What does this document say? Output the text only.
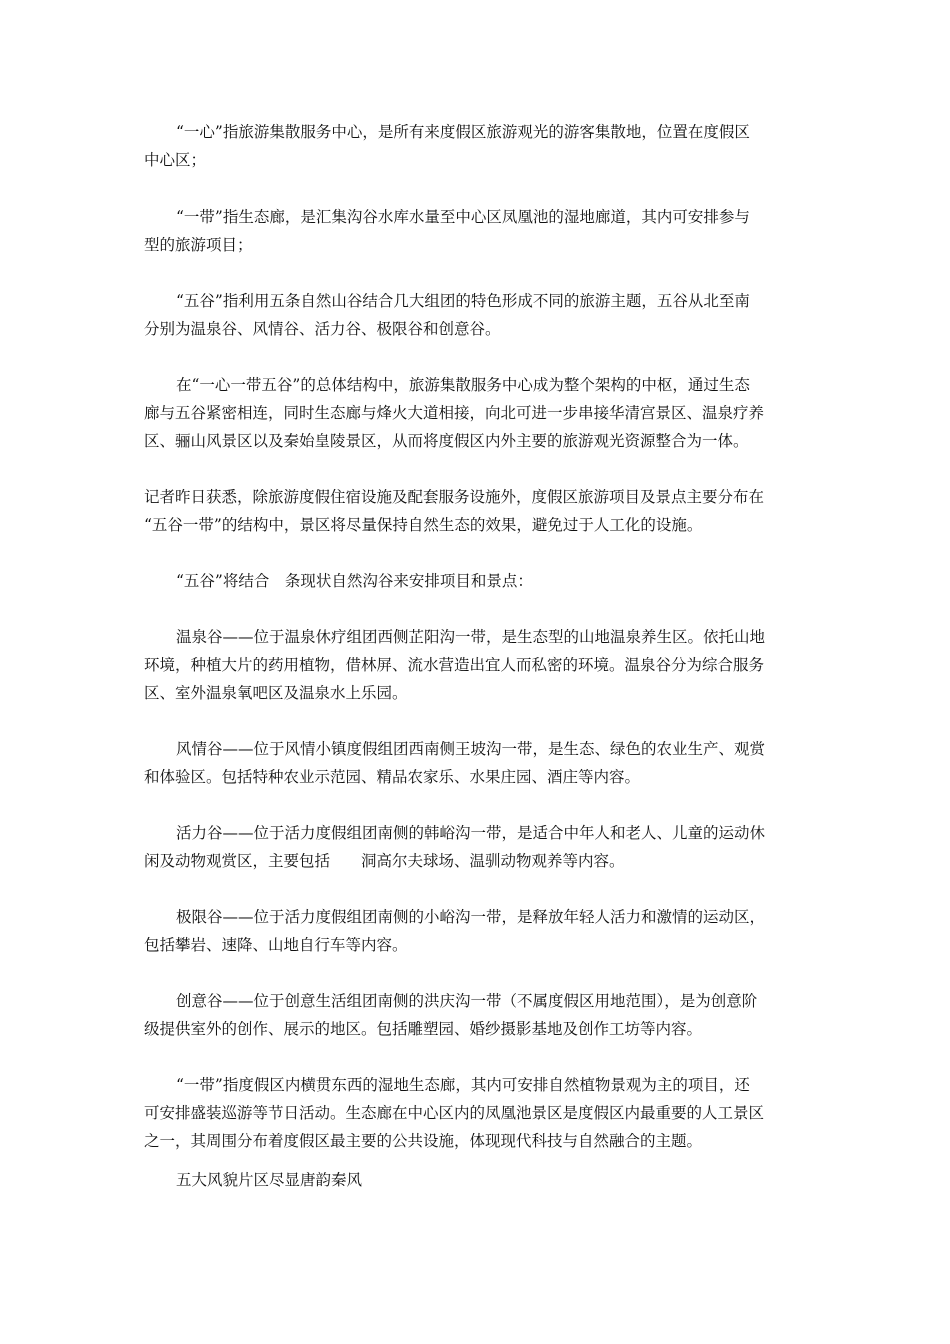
“一心”指旅游集散服务中心，是所有来度假区旅游观光的游客集散地，位置在度假区
中心区；

“一带”指生态廊，是汇集沟谷水库水量至中心区凤凰池的湿地廊道，其内可安排参与
型的旅游项目；

“五谷”指利用五条自然山谷结合几大组团的特色形成不同的旅游主题，五谷从北至南
分别为温泉谷、风情谷、活力谷、极限谷和创意谷。

在“一心一带五谷”的总体结构中，旅游集散服务中心成为整个架构的中枢，通过生态
廊与五谷紧密相连，同时生态廊与烽火大道相接，向北可进一步串接华清宫景区、温泉疗养
区、骊山风景区以及秦始皇陵景区，从而将度假区内外主要的旅游观光资源整合为一体。

记者昨日获悉，除旅游度假住宿设施及配套服务设施外，度假区旅游项目及景点主要分布在
“五谷一带”的结构中，景区将尽量保持自然生态的效果，避免过于人工化的设施。

“五谷”将结合　条现状自然沟谷来安排项目和景点：

温泉谷——位于温泉休疗组团西侧芷阳沟一带，是生态型的山地温泉养生区。依托山地
环境，种植大片的药用植物，借林屏、流水营造出宜人而私密的环境。温泉谷分为综合服务
区、室外温泉氧吧区及温泉水上乐园。

风情谷——位于风情小镇度假组团西南侧王坡沟一带，是生态、绿色的农业生产、观赏
和体验区。包括特种农业示范园、精品农家乐、水果庄园、酒庄等内容。

活力谷——位于活力度假组团南侧的韩峪沟一带，是适合中年人和老人、儿童的运动休
闲及动物观赏区，主要包括　　洞高尔夫球场、温驯动物观养等内容。

极限谷——位于活力度假组团南侧的小峪沟一带，是释放年轻人活力和激情的运动区，
包括攀岩、速降、山地自行车等内容。

创意谷——位于创意生活组团南侧的洪庆沟一带（不属度假区用地范围），是为创意阶
级提供室外的创作、展示的地区。包括雕塑园、婚纱摄影基地及创作工坊等内容。

“一带”指度假区内横贯东西的湿地生态廊，其内可安排自然植物景观为主的项目，还
可安排盛装巡游等节日活动。生态廊在中心区内的凤凰池景区是度假区内最重要的人工景区
之一，其周围分布着度假区最主要的公共设施，体现现代科技与自然融合的主题。

五大风貌片区尽显唐韵秦风
